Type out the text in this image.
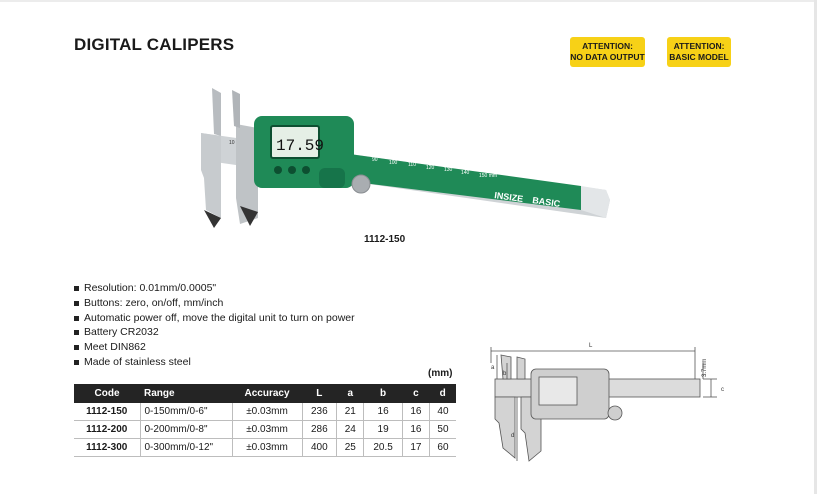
DIGITAL CALIPERS	ATTENTION:
NO DATA OUTPUT
ATTENTION:
BASIC MODEL
10
90 100 110 120 130 140 150 mm
INSIZE BASIC
17.59
1112-150
Resolution: 0.01mm/0.0005"
Buttons: zero, on/off, mm/inch
Automatic power off, move the digital unit to turn on power
Battery CR2032
Meet DIN862
Made of stainless steel
(mm)
Code	Range	Accuracy	L	a	b	c	d
1112-150	0-150mm/0-6"	±0.03mm	236	21	16	16	40
1112-200	0-200mm/0-8"	±0.03mm	286	24	19	16	50
1112-300	0-300mm/0-12"	±0.03mm	400	25	20.5	17	60
L
c
3.7mm
a
b
d
